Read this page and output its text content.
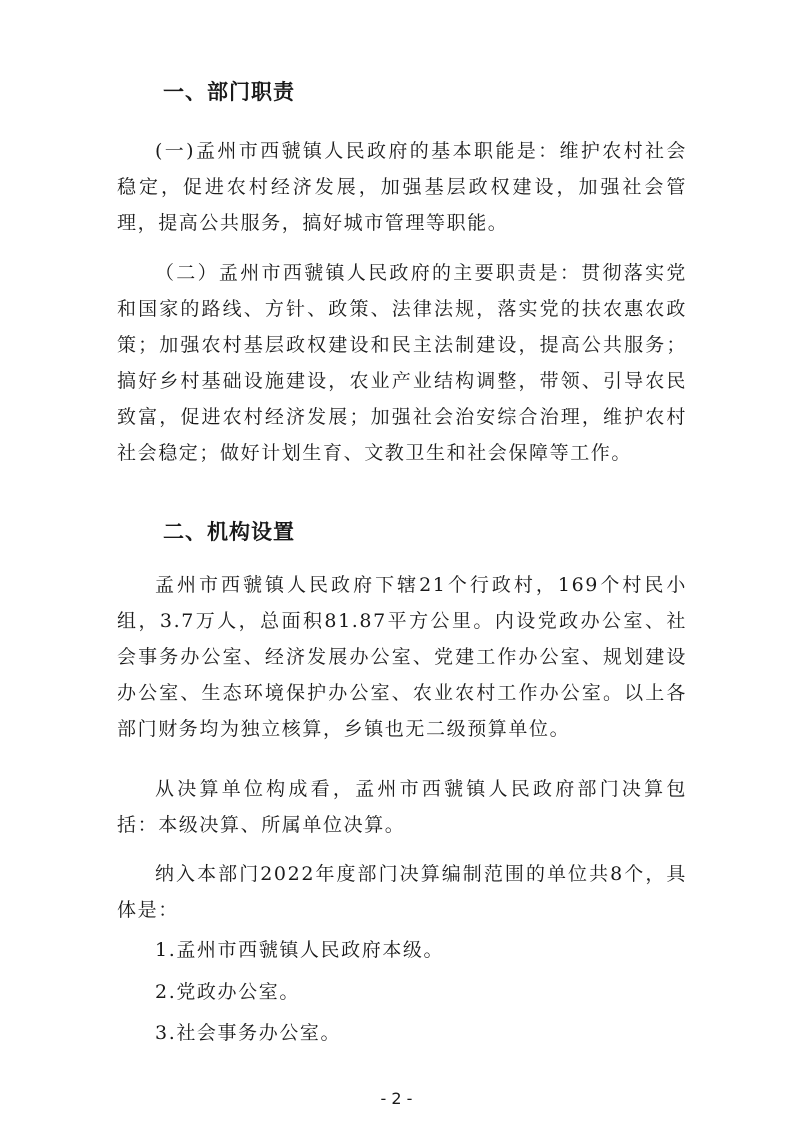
一、部门职责

(一)孟州市西虢镇人民政府的基本职能是：维护农村社会稳定，促进农村经济发展，加强基层政权建设，加强社会管理，提高公共服务，搞好城市管理等职能。

（二）孟州市西虢镇人民政府的主要职责是：贯彻落实党和国家的路线、方针、政策、法律法规，落实党的扶农惠农政策；加强农村基层政权建设和民主法制建设，提高公共服务；搞好乡村基础设施建设，农业产业结构调整，带领、引导农民致富，促进农村经济发展；加强社会治安综合治理，维护农村社会稳定；做好计划生育、文教卫生和社会保障等工作。

二、机构设置

孟州市西虢镇人民政府下辖21个行政村，169个村民小组，3.7万人，总面积81.87平方公里。内设党政办公室、社会事务办公室、经济发展办公室、党建工作办公室、规划建设办公室、生态环境保护办公室、农业农村工作办公室。以上各部门财务均为独立核算，乡镇也无二级预算单位。

从决算单位构成看，孟州市西虢镇人民政府部门决算包括：本级决算、所属单位决算。

纳入本部门2022年度部门决算编制范围的单位共8个，具体是：

1.孟州市西虢镇人民政府本级。

2.党政办公室。

3.社会事务办公室。

- 2 -
